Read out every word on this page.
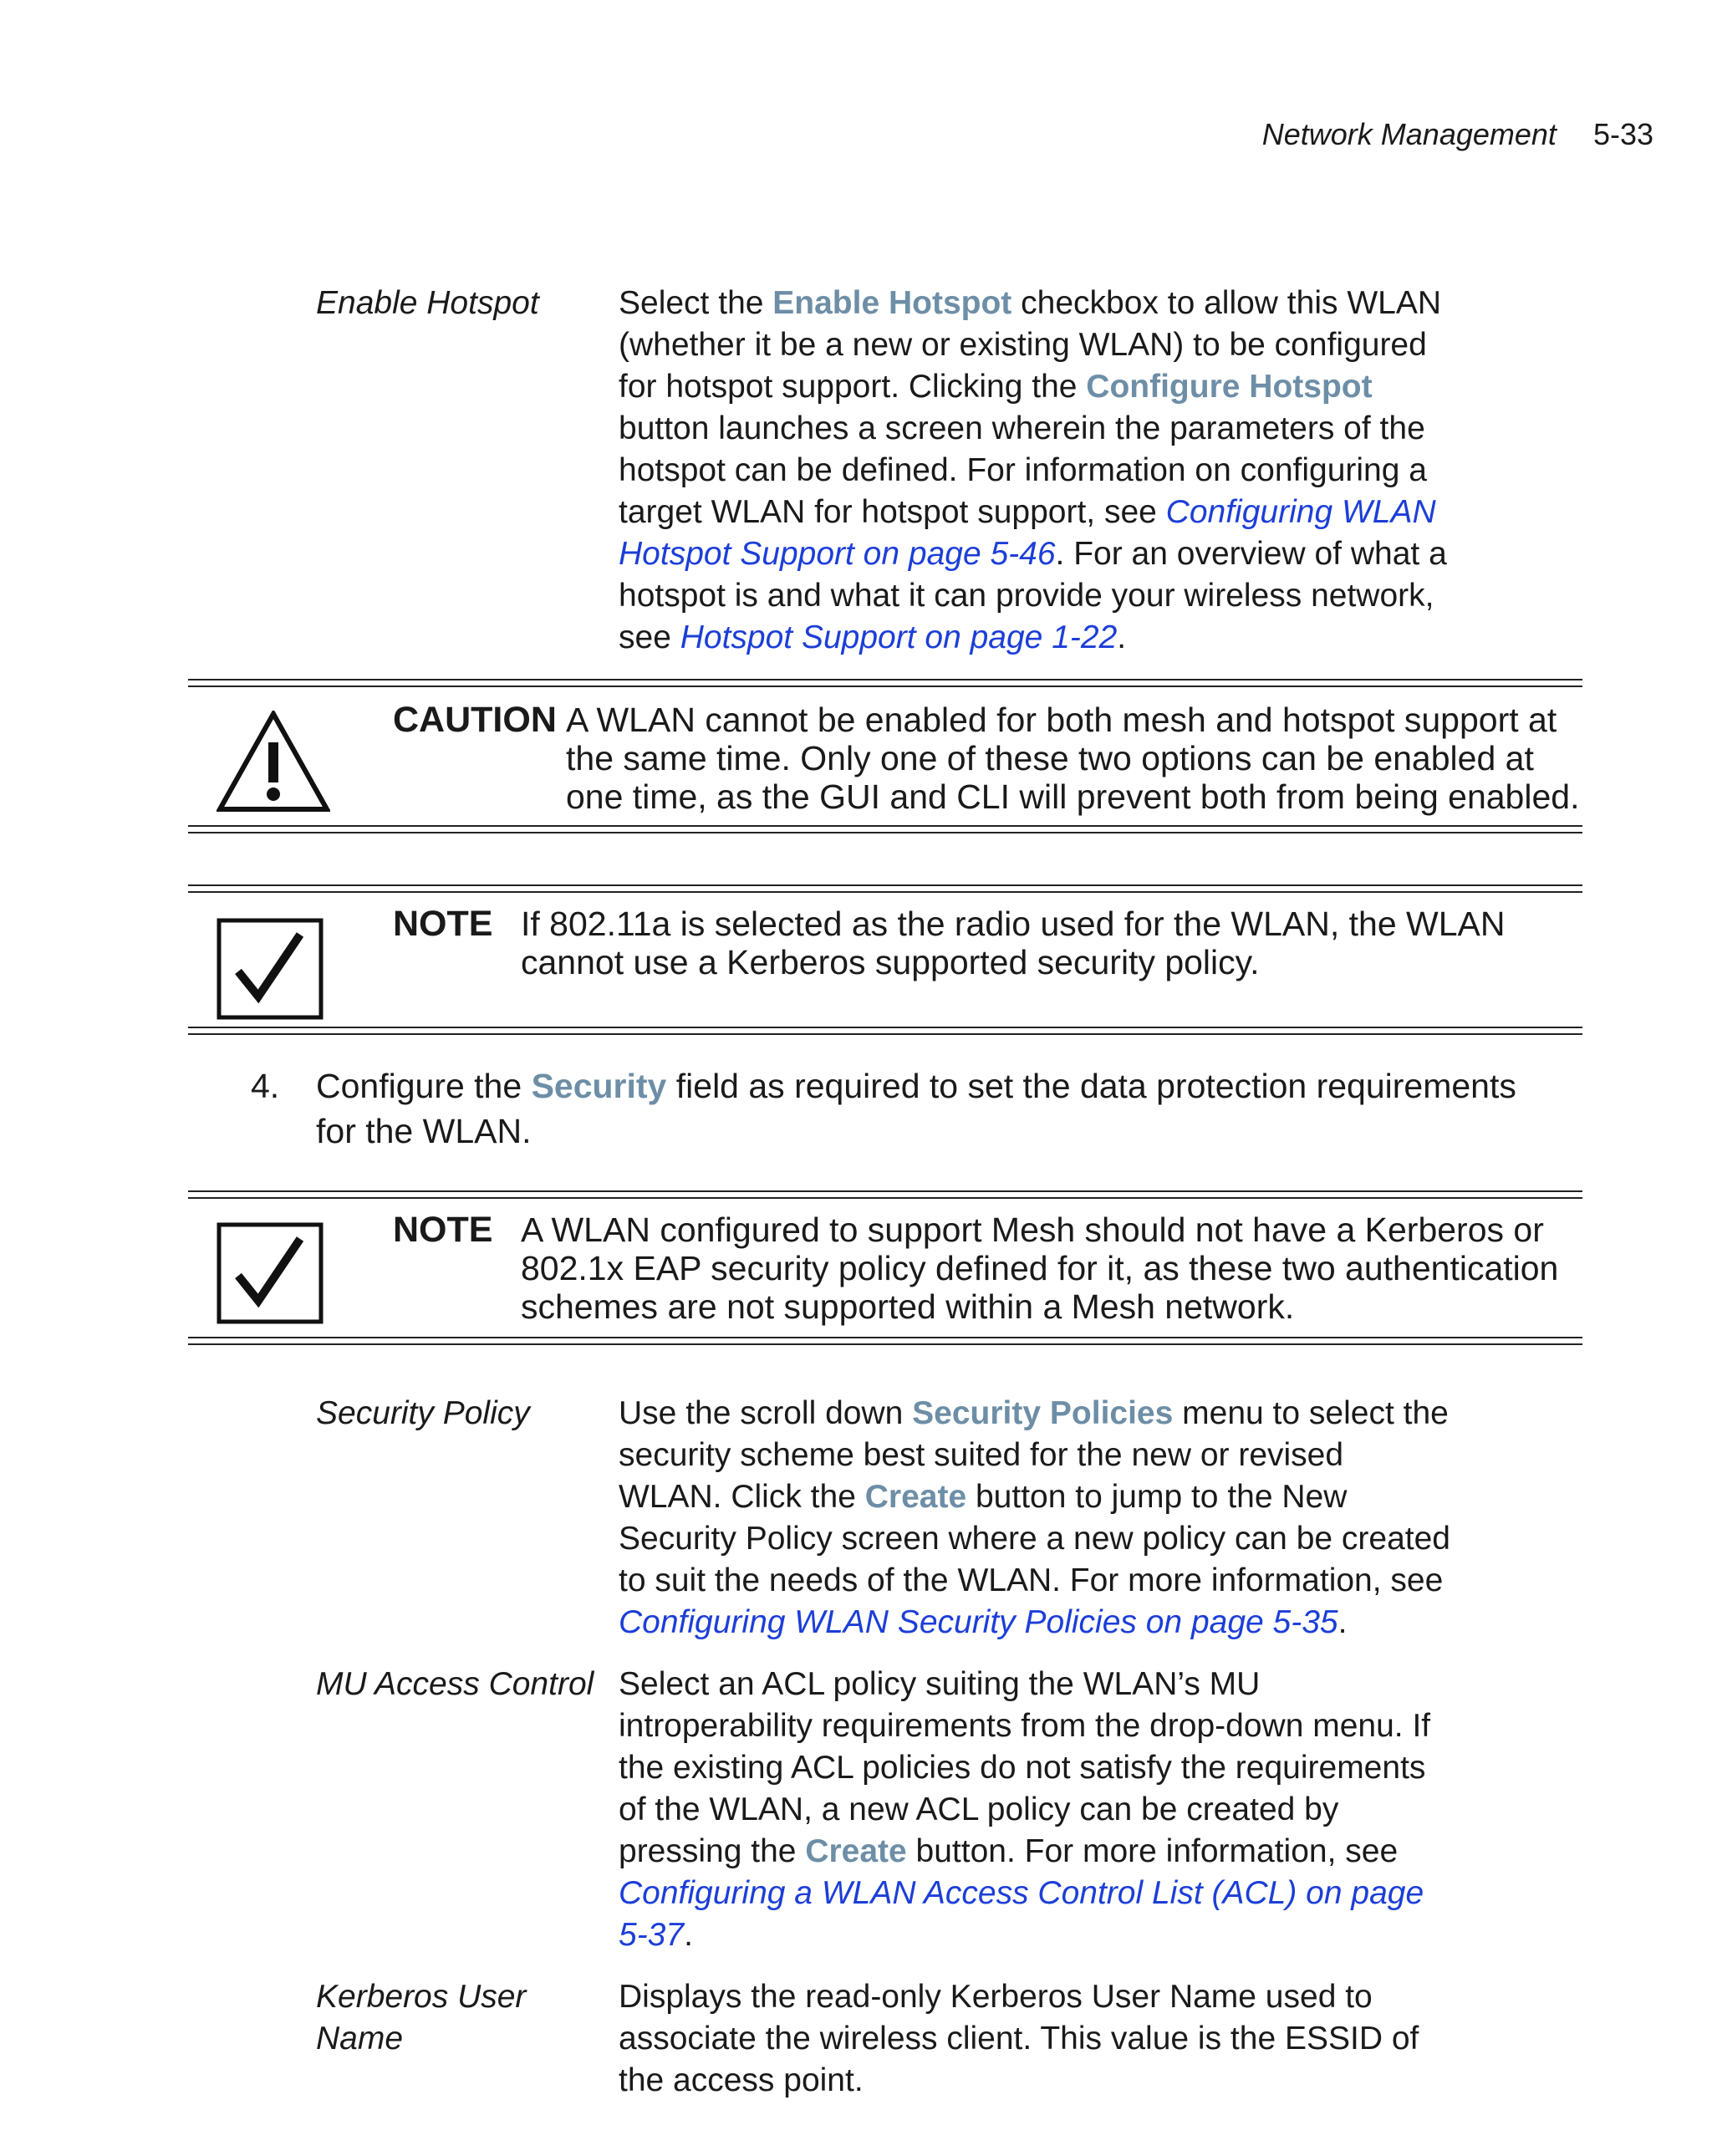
Network Management 5-33
Enable Hotspot	Select the Enable Hotspot checkbox to allow this WLAN (whether it be a new or existing WLAN) to be configured for hotspot support. Clicking the Configure Hotspot button launches a screen wherein the parameters of the hotspot can be defined. For information on configuring a target WLAN for hotspot support, see Configuring WLAN Hotspot Support on page 5-46. For an overview of what a hotspot is and what it can provide your wireless network, see Hotspot Support on page 1-22.
CAUTION A WLAN cannot be enabled for both mesh and hotspot support at the same time. Only one of these two options can be enabled at one time, as the GUI and CLI will prevent both from being enabled.
NOTE If 802.11a is selected as the radio used for the WLAN, the WLAN cannot use a Kerberos supported security policy.
4. Configure the Security field as required to set the data protection requirements for the WLAN.
NOTE A WLAN configured to support Mesh should not have a Kerberos or 802.1x EAP security policy defined for it, as these two authentication schemes are not supported within a Mesh network.
Security Policy	Use the scroll down Security Policies menu to select the security scheme best suited for the new or revised WLAN. Click the Create button to jump to the New Security Policy screen where a new policy can be created to suit the needs of the WLAN. For more information, see Configuring WLAN Security Policies on page 5-35.
MU Access Control Select an ACL policy suiting the WLAN’s MU introperability requirements from the drop-down menu. If the existing ACL policies do not satisfy the requirements of the WLAN, a new ACL policy can be created by pressing the Create button. For more information, see Configuring a WLAN Access Control List (ACL) on page 5-37.
Kerberos User Name
Displays the read-only Kerberos User Name used to associate the wireless client. This value is the ESSID of the access point.
